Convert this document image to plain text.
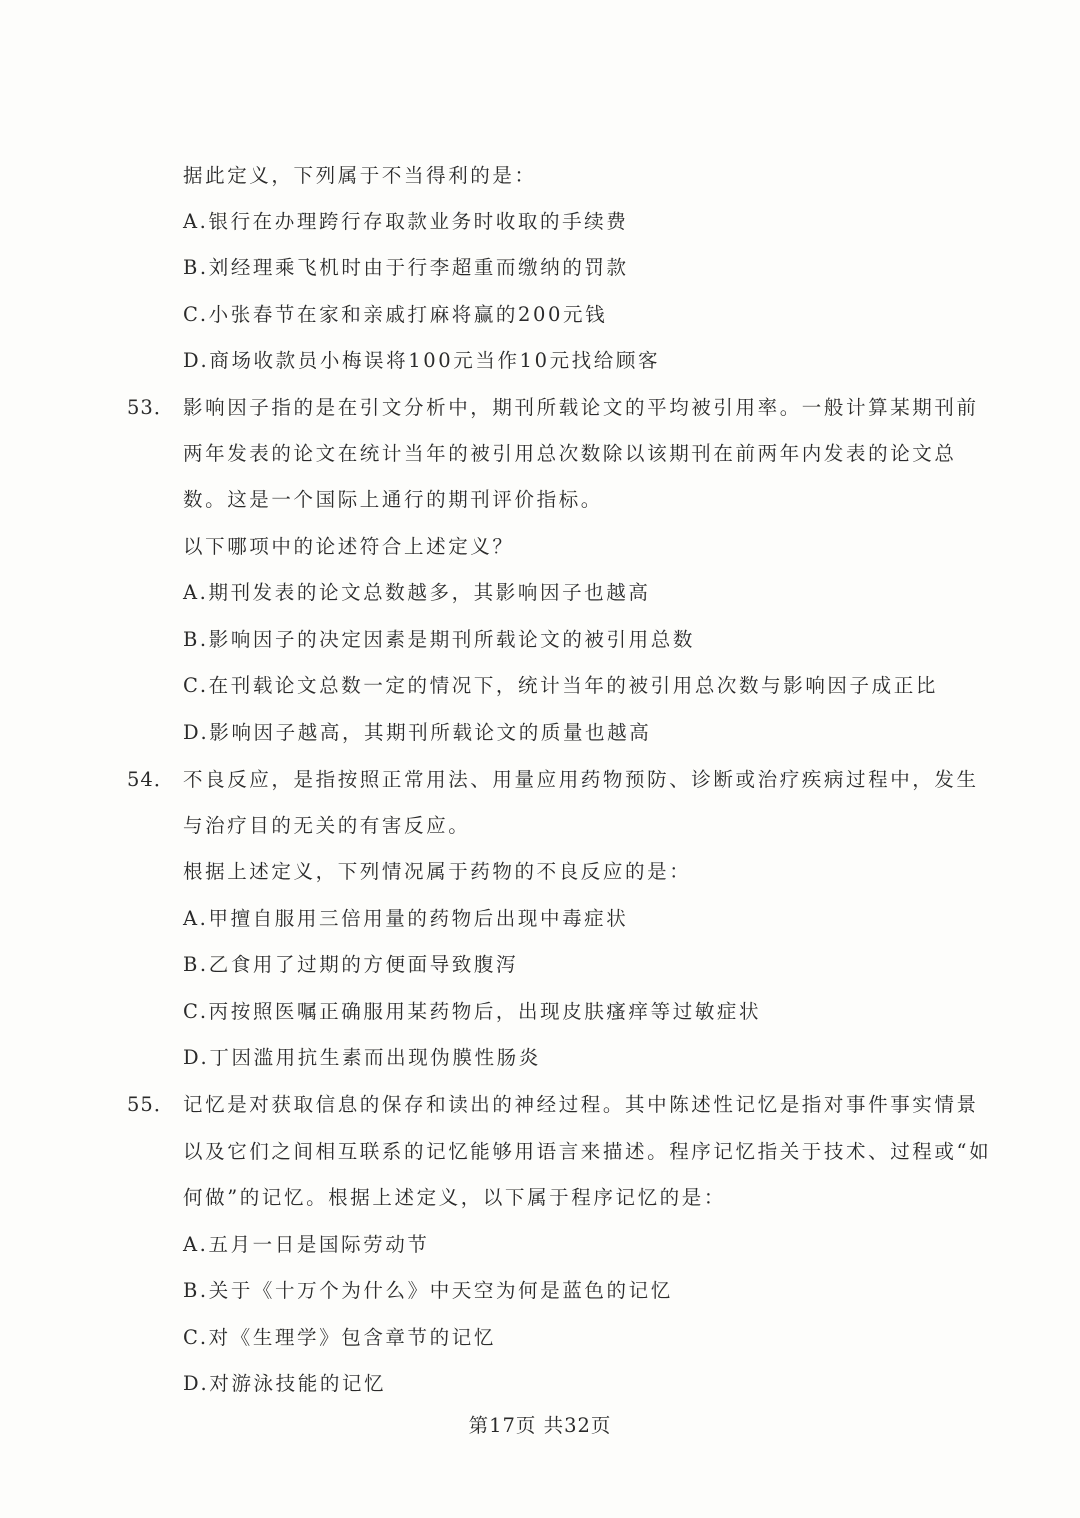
据此定义，下列属于不当得利的是：
A.银行在办理跨行存取款业务时收取的手续费
B.刘经理乘飞机时由于行李超重而缴纳的罚款
C.小张春节在家和亲戚打麻将赢的200元钱
D.商场收款员小梅误将100元当作10元找给顾客
53． 影响因子指的是在引文分析中，期刊所载论文的平均被引用率。一般计算某期刊前
两年发表的论文在统计当年的被引用总次数除以该期刊在前两年内发表的论文总
数。这是一个国际上通行的期刊评价指标。
以下哪项中的论述符合上述定义？
A.期刊发表的论文总数越多，其影响因子也越高
B.影响因子的决定因素是期刊所载论文的被引用总数
C.在刊载论文总数一定的情况下，统计当年的被引用总次数与影响因子成正比
D.影响因子越高，其期刊所载论文的质量也越高
54． 不良反应，是指按照正常用法、用量应用药物预防、诊断或治疗疾病过程中，发生
与治疗目的无关的有害反应。
根据上述定义，下列情况属于药物的不良反应的是：
A.甲擅自服用三倍用量的药物后出现中毒症状
B.乙食用了过期的方便面导致腹泻
C.丙按照医嘱正确服用某药物后，出现皮肤瘙痒等过敏症状
D.丁因滥用抗生素而出现伪膜性肠炎
55． 记忆是对获取信息的保存和读出的神经过程。其中陈述性记忆是指对事件事实情景
以及它们之间相互联系的记忆能够用语言来描述。程序记忆指关于技术、过程或“如
何做”的记忆。根据上述定义，以下属于程序记忆的是：
A.五月一日是国际劳动节
B.关于《十万个为什么》中天空为何是蓝色的记忆
C.对《生理学》包含章节的记忆
D.对游泳技能的记忆
第17页 共32页
